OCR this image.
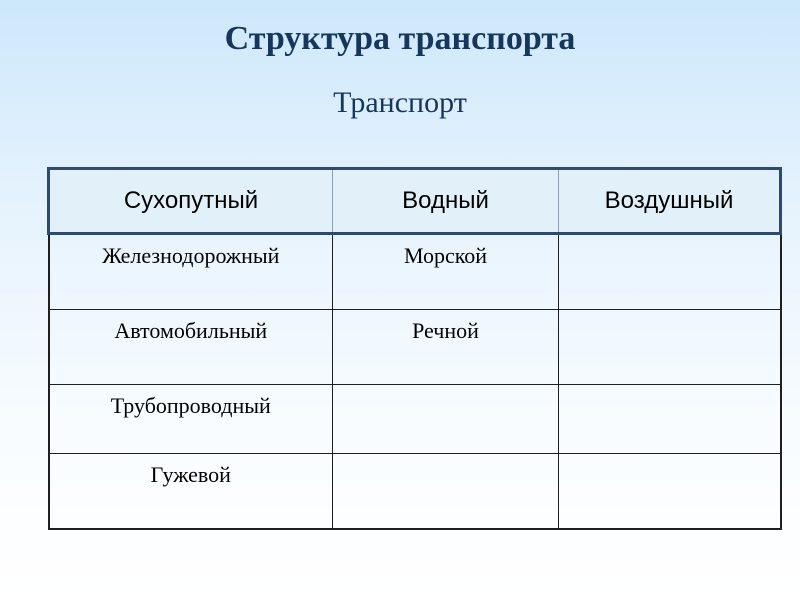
Структура транспорта
Транспорт
Сухопутный	Водный	Воздушный
Железнодорожный	Морской	
Автомобильный	Речной	
Трубопроводный		
Гужевой		
